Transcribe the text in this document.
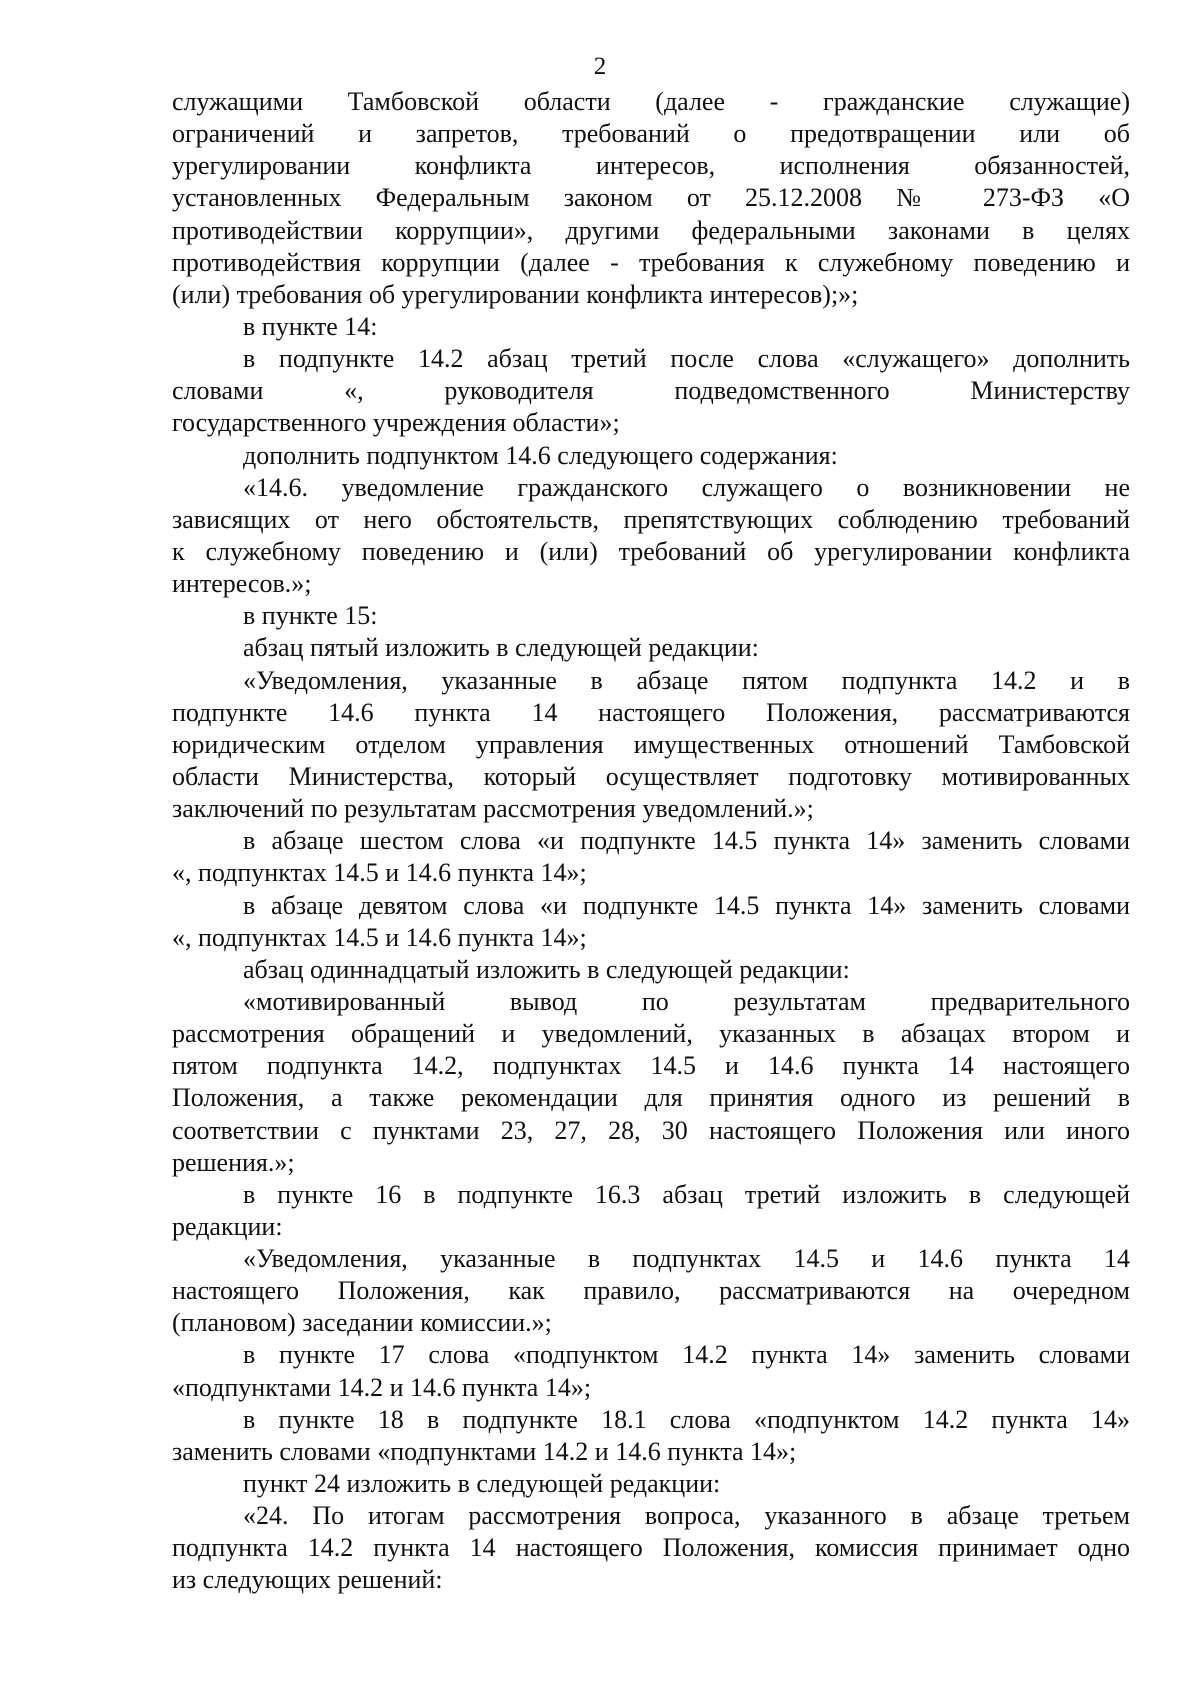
2
служащими Тамбовской области (далее - гражданские служащие)
ограничений и запретов, требований о предотвращении или об
урегулировании конфликта интересов, исполнения обязанностей,
установленных Федеральным законом от 25.12.2008 № 273-ФЗ «О
противодействии коррупции», другими федеральными законами в целях
противодействия коррупции (далее - требования к служебному поведению и
(или) требования об урегулировании конфликта интересов);»;
в пункте 14:
в подпункте 14.2 абзац третий после слова «служащего» дополнить
словами «, руководителя подведомственного Министерству
государственного учреждения области»;
дополнить подпунктом 14.6 следующего содержания:
«14.6. уведомление гражданского служащего о возникновении не
зависящих от него обстоятельств, препятствующих соблюдению требований
к служебному поведению и (или) требований об урегулировании конфликта
интересов.»;
в пункте 15:
абзац пятый изложить в следующей редакции:
«Уведомления, указанные в абзаце пятом подпункта 14.2 и в
подпункте 14.6 пункта 14 настоящего Положения, рассматриваются
юридическим отделом управления имущественных отношений Тамбовской
области Министерства, который осуществляет подготовку мотивированных
заключений по результатам рассмотрения уведомлений.»;
в абзаце шестом слова «и подпункте 14.5 пункта 14» заменить словами
«, подпунктах 14.5 и 14.6 пункта 14»;
в абзаце девятом слова «и подпункте 14.5 пункта 14» заменить словами
«, подпунктах 14.5 и 14.6 пункта 14»;
абзац одиннадцатый изложить в следующей редакции:
«мотивированный вывод по результатам предварительного
рассмотрения обращений и уведомлений, указанных в абзацах втором и
пятом подпункта 14.2, подпунктах 14.5 и 14.6 пункта 14 настоящего
Положения, а также рекомендации для принятия одного из решений в
соответствии с пунктами 23, 27, 28, 30 настоящего Положения или иного
решения.»;
в пункте 16 в подпункте 16.3 абзац третий изложить в следующей
редакции:
«Уведомления, указанные в подпунктах 14.5 и 14.6 пункта 14
настоящего Положения, как правило, рассматриваются на очередном
(плановом) заседании комиссии.»;
в пункте 17 слова «подпунктом 14.2 пункта 14» заменить словами
«подпунктами 14.2 и 14.6 пункта 14»;
в пункте 18 в подпункте 18.1 слова «подпунктом 14.2 пункта 14»
заменить словами «подпунктами 14.2 и 14.6 пункта 14»;
пункт 24 изложить в следующей редакции:
«24. По итогам рассмотрения вопроса, указанного в абзаце третьем
подпункта 14.2 пункта 14 настоящего Положения, комиссия принимает одно
из следующих решений:
